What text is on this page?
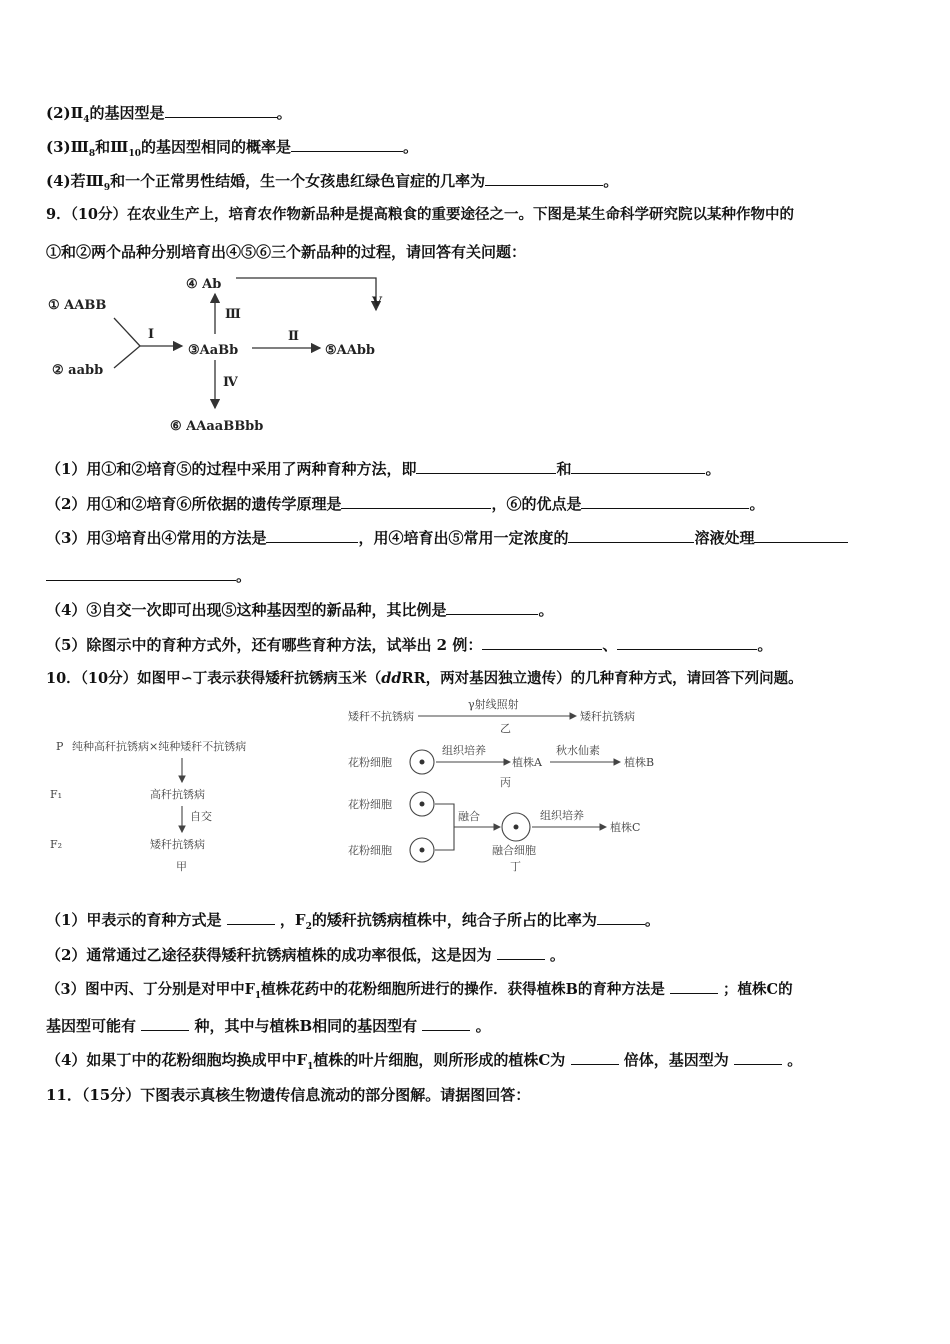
$(2)Ⅱ_4$的基因型是	。
$(3)Ⅲ_8$和$Ⅲ_{10}$的基因型相同的概率是	。
(4)若$Ⅲ_9$和一个正常男性结婚，生一个女孩患红绿色盲症的几率为	。
9．（10分）在农业生产上，培育农作物新品种是提高粮食的重要途径之一。下图是某生命科学研究院以某种作物中的
①和②两个品种分别培育出④⑤⑥三个新品种的过程，请回答有关问题：
① AABB
② aabb
④ Ab
③AaBb	⑤AAbb
⑥ AAaaBBbb
Ⅰ
Ⅲ
Ⅱ
Ⅳ
Ⅴ
（1）用①和②培育⑤的过程中采用了两种育种方法，即	和	。
（2）用①和②培育⑥所依据的遗传学原理是	，⑥的优点是	。
（3）用③培育出④常用的方法是	，用④培育出⑤常用一定浓度的	溶液处理
。
（4）③自交一次即可出现⑤这种基因型的新品种，其比例是	。
（5）除图示中的育种方式外，还有哪些育种方法，试举出 2 例：	、	。
10．（10分）如图甲∽丁表示获得矮秆抗锈病玉米（ddRR，两对基因独立遗传）的几种育种方式，请回答下列问题。
P 纯种高秆抗锈病×纯种矮秆不抗锈病
F₁	高秆抗锈病
自交
F₂	矮秆抗锈病
甲
矮秆不抗锈病
γ射线照射
矮秆抗锈病
乙
花粉细胞
组织培养
植株A
秋水仙素
植株B
丙
花粉细胞
花粉细胞
融合	组织培养
植株C
融合细胞
丁
（1）甲表示的育种方式是	，$F_2$的矮秆抗锈病植株中，纯合子所占的比率为	。
（2）通常通过乙途径获得矮秆抗锈病植株的成功率很低，这是因为	。
（3）图中丙、丁分别是对甲中$F_1$植株花药中的花粉细胞所进行的操作．获得植株B的育种方法是	；植株C的
基因型可能有	种，其中与植株B相同的基因型有	。
（4）如果丁中的花粉细胞均换成甲中$F_1$植株的叶片细胞，则所形成的植株C为	倍体，基因型为	。
11．（15分）下图表示真核生物遗传信息流动的部分图解。请据图回答：
